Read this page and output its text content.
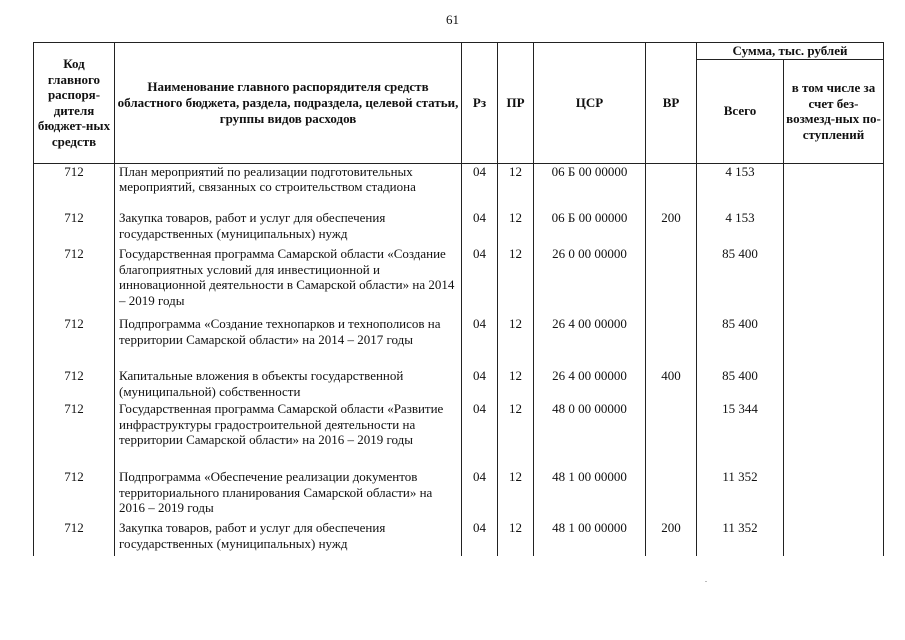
61
Код главного распоря-дителя бюджет-ных средств	Наименование главного распорядителя средств областного бюджета, раздела, подраздела, целевой статьи, группы видов расходов	Рз	ПР	ЦСР	ВР	Сумма, тыс. рублей	
						Всего	в том числе за счет без-возмезд-ных по-ступлений
712	План мероприятий по реализации подготовительных мероприятий, связанных со строительством стадиона	04	12	06 Б 00 00000		4 153	
712	Закупка товаров, работ и услуг для обеспечения государственных (муниципальных) нужд	04	12	06 Б 00 00000	200	4 153	
712	Государственная программа Самарской области «Создание благоприятных условий для инвестиционной и инновационной деятельности в Самарской области» на 2014 – 2019 годы	04	12	26 0 00 00000		85 400	
712	Подпрограмма «Создание технопарков и технополисов на территории Самарской области» на 2014 – 2017 годы	04	12	26 4 00 00000		85 400	
712	Капитальные вложения в объекты государственной (муниципальной) собственности	04	12	26 4 00 00000	400	85 400	
712	Государственная программа Самарской области «Развитие инфраструктуры градостроительной деятельности на территории Самарской области» на 2016 – 2019 годы	04	12	48 0 00 00000		15 344	
712	Подпрограмма «Обеспечение реализации документов территориального планирования Самарской области» на 2016 – 2019 годы	04	12	48 1 00 00000		11 352	
712	Закупка товаров, работ и услуг для обеспечения государственных (муниципальных) нужд	04	12	48 1 00 00000	200	11 352	
